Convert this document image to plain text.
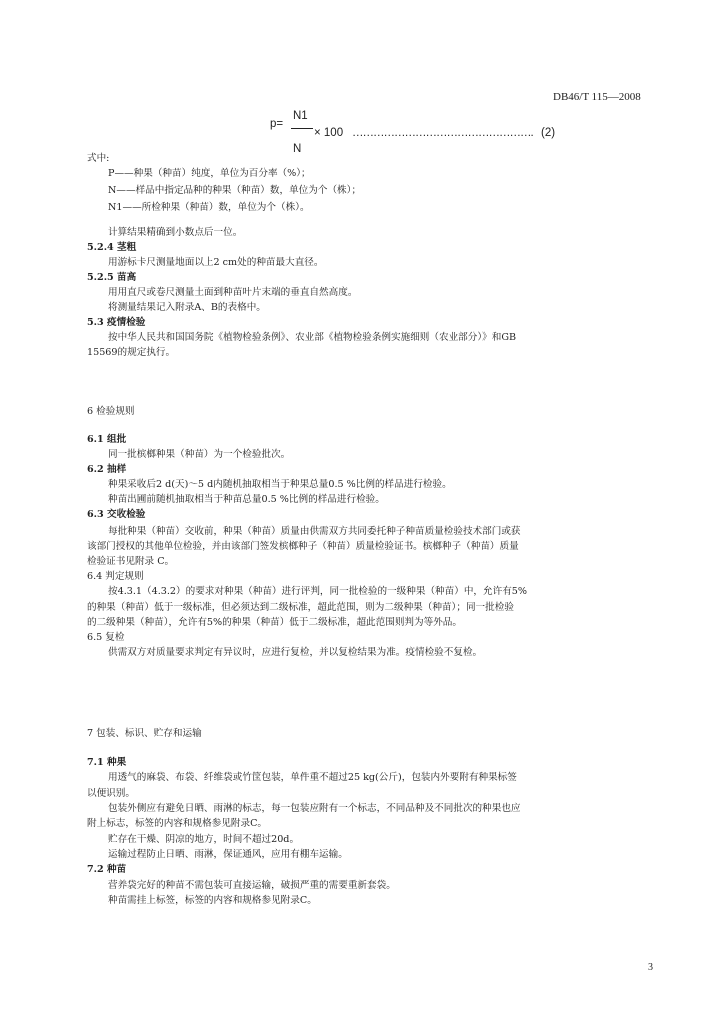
DB46/T 115—2008
p=
N1
× 100 ……………………………………………. (2)
N
式中:
P——种果（种苗）纯度，单位为百分率（%）；
N——样品中指定品种的种果（种苗）数，单位为个（株）；
N1——所检种果（种苗）数，单位为个（株）。
计算结果精确到小数点后一位。
5.2.4 茎粗
用游标卡尺测量地面以上2 cm处的种苗最大直径。
5.2.5 苗高
用用直尺或卷尺测量土面到种苗叶片末端的垂直自然高度。
将测量结果记入附录A、B的表格中。
5.3 疫情检验
按中华人民共和国国务院《植物检验条例》、农业部《植物检验条例实施细则（农业部分）》和GB
15569的规定执行。
6 检验规则
6.1 组批
同一批槟榔种果（种苗）为一个检验批次。
6.2 抽样
种果采收后2 d(天)～5 d内随机抽取相当于种果总量0.5 %比例的样品进行检验。
种苗出圃前随机抽取相当于种苗总量0.5 %比例的样品进行检验。
6.3 交收检验
每批种果（种苗）交收前，种果（种苗）质量由供需双方共同委托种子种苗质量检验技术部门或获
该部门授权的其他单位检验，并由该部门签发槟榔种子（种苗）质量检验证书。槟榔种子（种苗）质量
检验证书见附录 C。
6.4 判定规则
按4.3.1（4.3.2）的要求对种果（种苗）进行评判，同一批检验的一级种果（种苗）中，允许有5%
的种果（种苗）低于一级标准，但必须达到二级标准，超此范围，则为二级种果（种苗）；同一批检验
的二级种果（种苗），允许有5%的种果（种苗）低于二级标准，超此范围则判为等外品。
6.5 复检
供需双方对质量要求判定有异议时，应进行复检，并以复检结果为准。疫情检验不复检。
7 包装、标识、贮存和运输
7.1 种果
用透气的麻袋、布袋、纤维袋或竹筐包装，单件重不超过25 kg(公斤)，包装内外要附有种果标签
以便识别。
包装外侧应有避免日晒、雨淋的标志，每一包装应附有一个标志，不同品种及不同批次的种果也应
附上标志，标签的内容和规格参见附录C。
贮存在干燥、阴凉的地方，时间不超过20d。
运输过程防止日晒、雨淋，保证通风，应用有棚车运输。
7.2 种苗
营养袋完好的种苗不需包装可直接运输，破损严重的需要重新套袋。
种苗需挂上标签，标签的内容和规格参见附录C。
3
